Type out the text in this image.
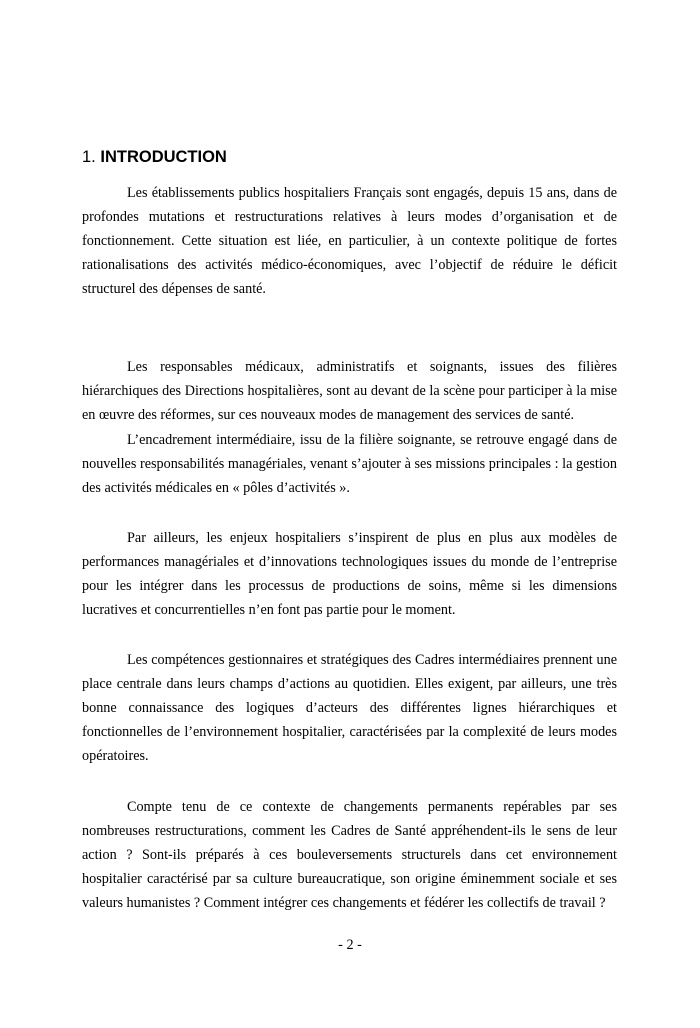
1. INTRODUCTION

Les établissements publics hospitaliers Français sont engagés, depuis 15 ans, dans de profondes mutations et restructurations relatives à leurs modes d’organisation et de fonctionnement. Cette situation est liée, en particulier, à un contexte politique de fortes rationalisations des activités médico-économiques, avec l’objectif de réduire le déficit structurel des dépenses de santé.

Les responsables médicaux, administratifs et soignants, issues des filières hiérarchiques des Directions hospitalières, sont au devant de la scène pour participer à la mise en œuvre des réformes, sur ces nouveaux modes de management des services de santé.

L’encadrement intermédiaire, issu de la filière soignante, se retrouve engagé dans de nouvelles responsabilités managériales, venant s’ajouter à ses missions principales : la gestion des activités médicales en « pôles d’activités ».

Par ailleurs, les enjeux hospitaliers s’inspirent de plus en plus aux modèles de performances managériales et d’innovations technologiques issues du monde de l’entreprise pour les intégrer dans les processus de productions de soins, même si les dimensions lucratives et concurrentielles n’en font pas partie pour le moment.

Les compétences gestionnaires et stratégiques des Cadres intermédiaires prennent une place centrale dans leurs champs d’actions au quotidien. Elles exigent, par ailleurs, une très bonne connaissance des logiques d’acteurs des différentes lignes hiérarchiques et fonctionnelles de l’environnement hospitalier, caractérisées par la complexité de leurs modes opératoires.

Compte tenu de ce contexte de changements permanents repérables par ses nombreuses restructurations, comment les Cadres de Santé appréhendent-ils le sens de leur action ? Sont-ils préparés à ces bouleversements structurels dans cet environnement hospitalier caractérisé par sa culture bureaucratique, son origine éminemment sociale et ses valeurs humanistes ? Comment intégrer ces changements et fédérer les collectifs de travail ?

- 2 -
